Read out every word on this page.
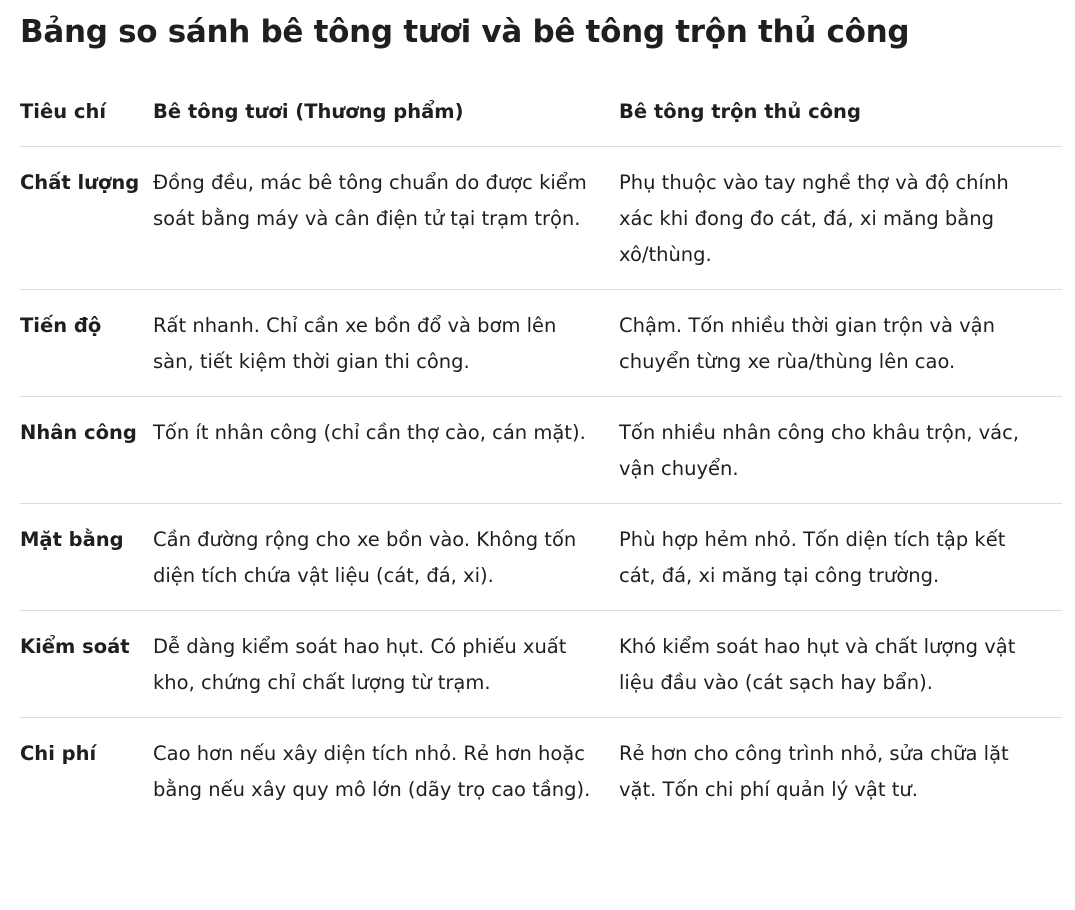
Bảng so sánh bê tông tươi và bê tông trộn thủ công
Tiêu chí	Bê tông tươi (Thương phẩm)	Bê tông trộn thủ công
Chất lượng	Đồng đều, mác bê tông chuẩn do được kiểm soát bằng máy và cân điện tử tại trạm trộn.	Phụ thuộc vào tay nghề thợ và độ chính xác khi đong đo cát, đá, xi măng bằng xô/thùng.
Tiến độ	Rất nhanh. Chỉ cần xe bồn đổ và bơm lên sàn, tiết kiệm thời gian thi công.	Chậm. Tốn nhiều thời gian trộn và vận chuyển từng xe rùa/thùng lên cao.
Nhân công	Tốn ít nhân công (chỉ cần thợ cào, cán mặt).	Tốn nhiều nhân công cho khâu trộn, vác, vận chuyển.
Mặt bằng	Cần đường rộng cho xe bồn vào. Không tốn diện tích chứa vật liệu (cát, đá, xi).	Phù hợp hẻm nhỏ. Tốn diện tích tập kết cát, đá, xi măng tại công trường.
Kiểm soát	Dễ dàng kiểm soát hao hụt. Có phiếu xuất kho, chứng chỉ chất lượng từ trạm.	Khó kiểm soát hao hụt và chất lượng vật liệu đầu vào (cát sạch hay bẩn).
Chi phí	Cao hơn nếu xây diện tích nhỏ. Rẻ hơn hoặc bằng nếu xây quy mô lớn (dãy trọ cao tầng).	Rẻ hơn cho công trình nhỏ, sửa chữa lặt vặt. Tốn chi phí quản lý vật tư.
